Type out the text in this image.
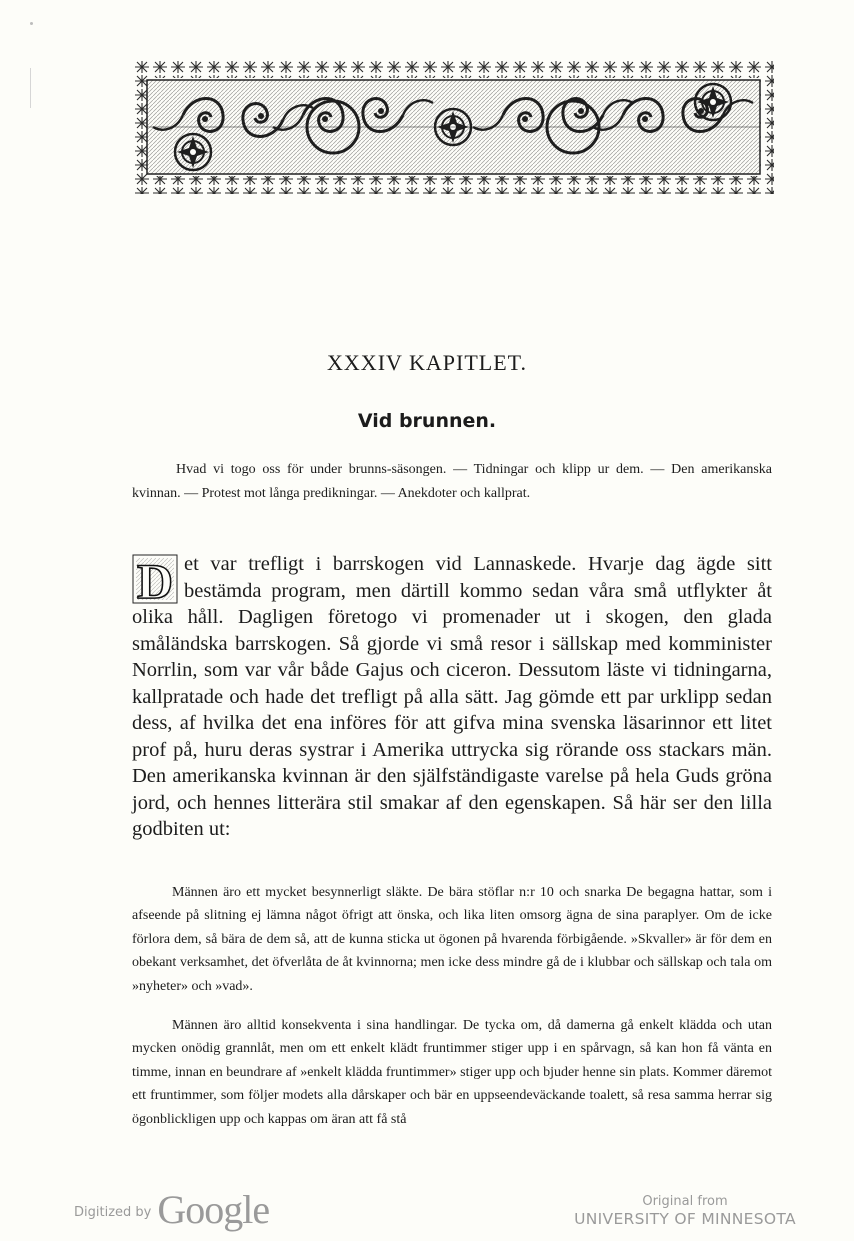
XXXIV KAPITLET.
Vid brunnen.

Hvad vi togo oss för under brunns-säsongen. — Tidningar och klipp ur dem. — Den amerikanska kvinnan. — Protest mot långa predikningar. — Anekdoter och kallprat.

D et var trefligt i barrskogen vid Lannaskede. Hvarje dag ägde sitt bestämda program, men därtill kommo sedan våra små utflykter åt olika håll. Dagligen företogo vi promenader ut i skogen, den glada småländska barrskogen. Så gjorde vi små resor i sällskap med komminister Norrlin, som var vår både Gajus och ciceron. Dessutom läste vi tidningarna, kallpratade och hade det trefligt på alla sätt. Jag gömde ett par urklipp sedan dess, af hvilka det ena införes för att gifva mina svenska läsarinnor ett litet prof på, huru deras systrar i Amerika uttrycka sig rörande oss stackars män. Den amerikanska kvinnan är den själfständigaste varelse på hela Guds gröna jord, och hennes litterära stil smakar af den egenskapen. Så här ser den lilla godbiten ut:

Männen äro ett mycket besynnerligt släkte. De bära stöflar n:r 10 och snarka De begagna hattar, som i afseende på slitning ej lämna något öfrigt att önska, och lika liten omsorg ägna de sina paraplyer. Om de icke förlora dem, så bära de dem så, att de kunna sticka ut ögonen på hvarenda förbigående. »Skvaller» är för dem en obekant verksamhet, det öfverlåta de åt kvinnorna; men icke dess mindre gå de i klubbar och sällskap och tala om »nyheter» och »vad».

Männen äro alltid konsekventa i sina handlingar. De tycka om, då damerna gå enkelt klädda och utan mycken onödig grannlåt, men om ett enkelt klädt fruntimmer stiger upp i en spårvagn, så kan hon få vänta en timme, innan en beundrare af »enkelt klädda fruntimmer» stiger upp och bjuder henne sin plats. Kommer däremot ett fruntimmer, som följer modets alla dårskaper och bär en uppseendeväckande toalett, så resa samma herrar sig ögonblickligen upp och kappas om äran att få stå

Digitized by Google	Original from
UNIVERSITY OF MINNESOTA
